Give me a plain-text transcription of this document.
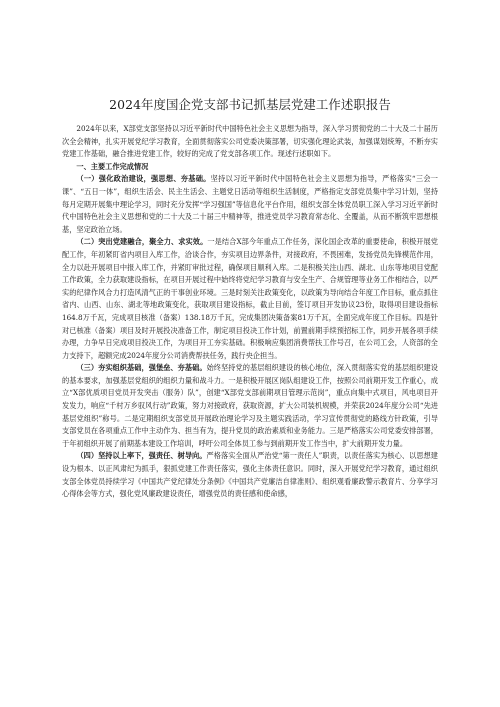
2024年度国企党支部书记抓基层党建工作述职报告

2024年以来，X部党支部坚持以习近平新时代中国特色社会主义思想为指导，深入学习贯彻党的二十大及二十届历次全会精神，扎实开展党纪学习教育，全面贯彻落实公司党委决策部署，切实强化理论武装，加强谋划统筹，不断夯实党建工作基础，融合推进党建工作，较好的完成了党支部各项工作。现述行述职如下。

一、主要工作完成情况

（一）强化政治建设，强思想、夯基础。坚持以习近平新时代中国特色社会主义思想为指导，严格落实“三会一课”、“五日一体”，组织生活会、民主生活会、主题党日活动等组织生活制度，严格指定支部党员集中学习计划，坚持每月定期开展集中理论学习，同时充分发挥“学习强国”等信息化平台作用，组织支部全体党员职工深入学习习近平新时代中国特色社会主义思想和党的二十大及二十届三中精神等，推进党员学习教育常态化、全覆盖，从而不断筑牢思想根基，坚定政治立场。

（二）突出党建融合，聚全力、求实效。一是结合X部今年重点工作任务，深化国企改革的重要使命，积极开展党配工作，年初紧盯省内项目入库工作，洽谈合作，夯实项目边界条件，对接政府，不畏困难，发扬党员先锋模范作用，全力以赴开展项目中报入库工作，并紧盯审批过程，确保项目顺利入库。二是积极关注山西、湖北、山东等地项目党配工作政策，全力获取建设指标，在项目开展过程中始终将党纪学习教育与安全生产、合规管理等业务工作相结合，以严实的纪律作风合力打造风清气正的干事创业环境。三是时刻关注政策变化，以政策为导向结合年度工作目标，重点抓住省内、山西、山东、湖北等地政策变化，获取项目建设指标，截止目前，签订项目开发协议23份，取得项目建设指标164.8万千瓦，完成项目核准（备案）138.18万千瓦，完成集团决策备案81万千瓦，全面完成年度工作目标。四是针对已核准（备案）项目及时开展投决准备工作，制定项目投决工作计划，前置前期手续预招标工作，同步开展各项手续办理，力争早日完成项目投决工作，为项目开工夯实基础。积极响应集团消费帮扶工作号召，在公司工会，人资部的全力支持下，超额完成2024年度分公司消费帮扶任务，践行央企担当。

（三）夯实组织基础，强堡垒、夯基础。始终坚持党的基层组织建设的核心地位，深入贯彻落实党的基层组织建设的基本要求，加强基层党组织的组织力量和战斗力。一是积极开展区岗队组建设工作，按照公司前期开发工作重心，成立“X部优质项目党员开发突击（服务）队”，创建“X部党支部前期项目管理示范岗”，重点向集中式项目，风电项目开发发力，响应“千村万乡驭风行动”政策，努力对接政府，获取资源，扩大公司装机规模，并荣获2024年度分公司“先进基层党组织”称号。二是定期组织支部党员开展政治理论学习及主题实践活动，学习宣传贯彻党的路线方针政策，引导支部党员在各项重点工作中主动作为、担当有为，提升党员的政治素质和业务能力。三是严格落实公司党委安排部署，于年初组织开展了前期基本建设工作培训，呼吁公司全体员工参与到前期开发工作当中，扩大前期开发力量。

（四）坚持以上率下，强责任、树导向。严格落实全面从严治党“第一责任人”职责，以责任落实为核心、以思想建设为根本、以正风肃纪为抓手，狠抓党建工作责任落实，强化主体责任意识。同时，深入开展党纪学习教育，通过组织支部全体党员持续学习《中国共产党纪律处分条例》《中国共产党廉洁自律准则》、组织观看廉政警示教育片、分享学习心得体会等方式，强化党风廉政建设责任，增强党员的责任感和使命感，
